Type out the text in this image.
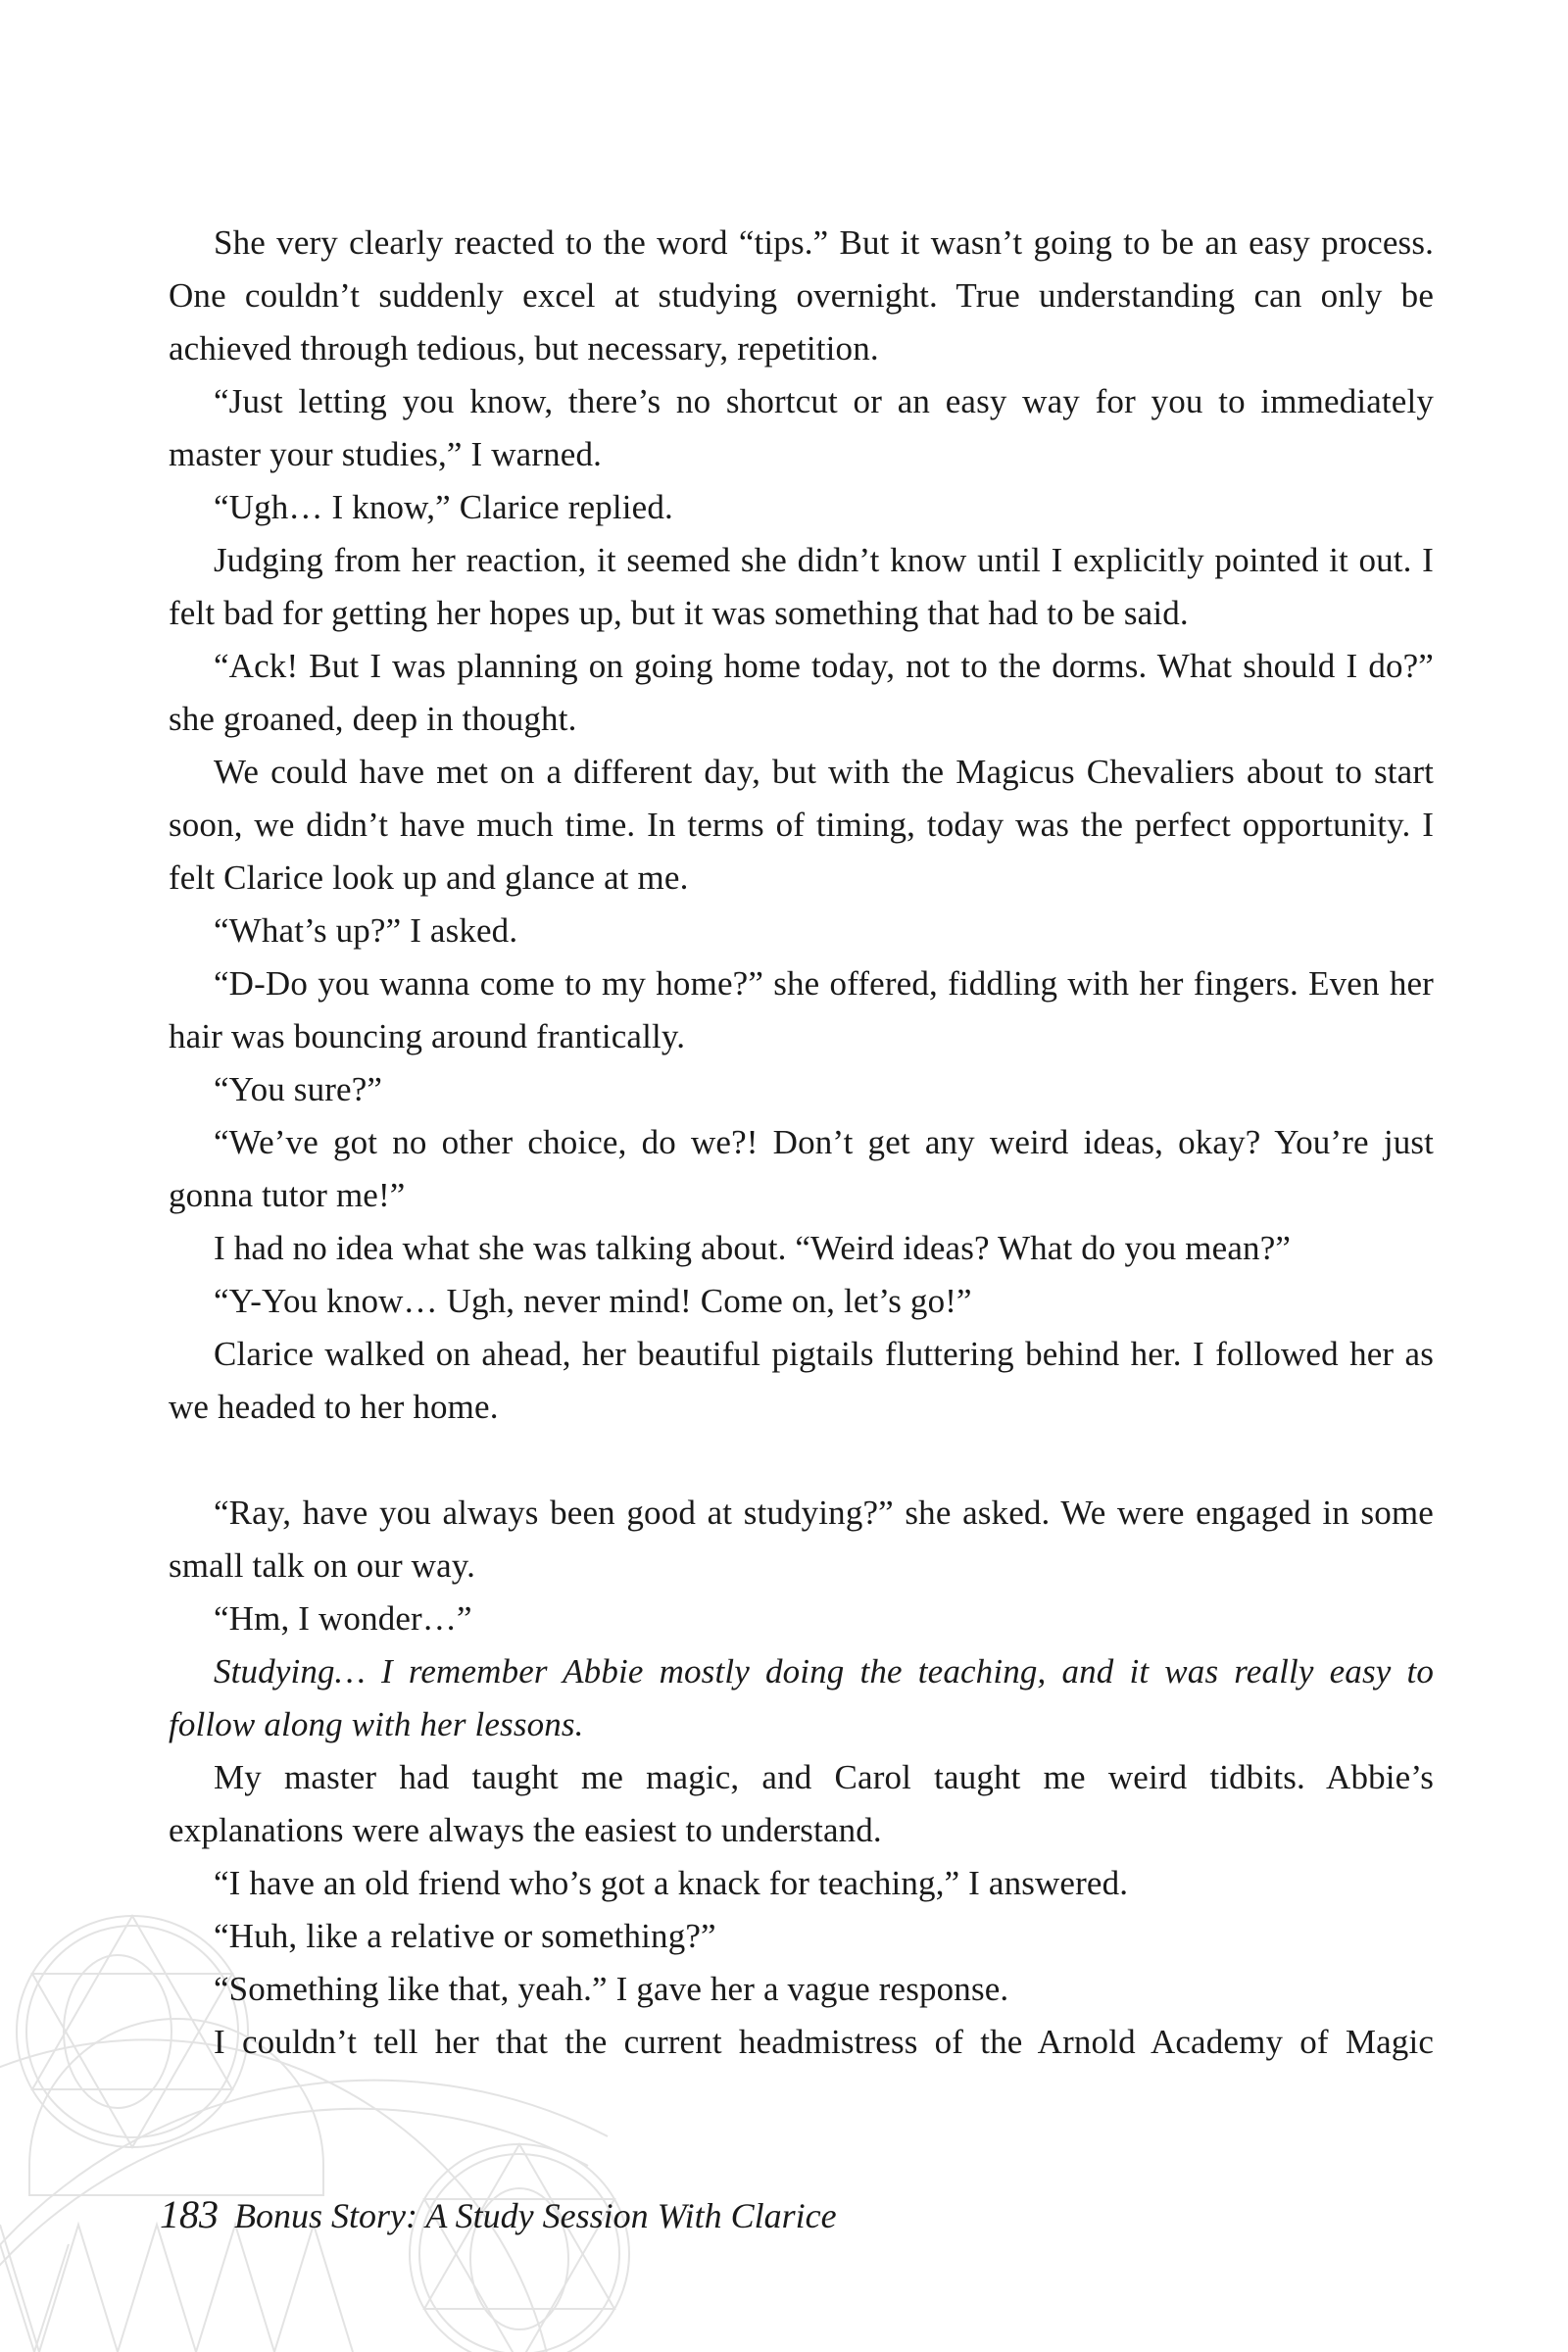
She very clearly reacted to the word “tips.” But it wasn’t going to be an easy process. One couldn’t suddenly excel at studying overnight. True understanding can only be achieved through tedious, but necessary, repetition.

“Just letting you know, there’s no shortcut or an easy way for you to immediately master your studies,” I warned.

“Ugh… I know,” Clarice replied.

Judging from her reaction, it seemed she didn’t know until I explicitly pointed it out. I felt bad for getting her hopes up, but it was something that had to be said.

“Ack! But I was planning on going home today, not to the dorms. What should I do?” she groaned, deep in thought.

We could have met on a different day, but with the Magicus Chevaliers about to start soon, we didn’t have much time. In terms of timing, today was the perfect opportunity. I felt Clarice look up and glance at me.

“What’s up?” I asked.

“D-Do you wanna come to my home?” she offered, fiddling with her fingers. Even her hair was bouncing around frantically.

“You sure?”

“We’ve got no other choice, do we?! Don’t get any weird ideas, okay? You’re just gonna tutor me!”

I had no idea what she was talking about. “Weird ideas? What do you mean?”

“Y-You know… Ugh, never mind! Come on, let’s go!”

Clarice walked on ahead, her beautiful pigtails fluttering behind her. I followed her as we headed to her home.

“Ray, have you always been good at studying?” she asked. We were engaged in some small talk on our way.

“Hm, I wonder…”

Studying… I remember Abbie mostly doing the teaching, and it was really easy to follow along with her lessons.

My master had taught me magic, and Carol taught me weird tidbits. Abbie’s explanations were always the easiest to understand.

“I have an old friend who’s got a knack for teaching,” I answered.

“Huh, like a relative or something?”

“Something like that, yeah.” I gave her a vague response.

I couldn’t tell her that the current headmistress of the Arnold Academy of Magic

183 Bonus Story: A Study Session With Clarice
